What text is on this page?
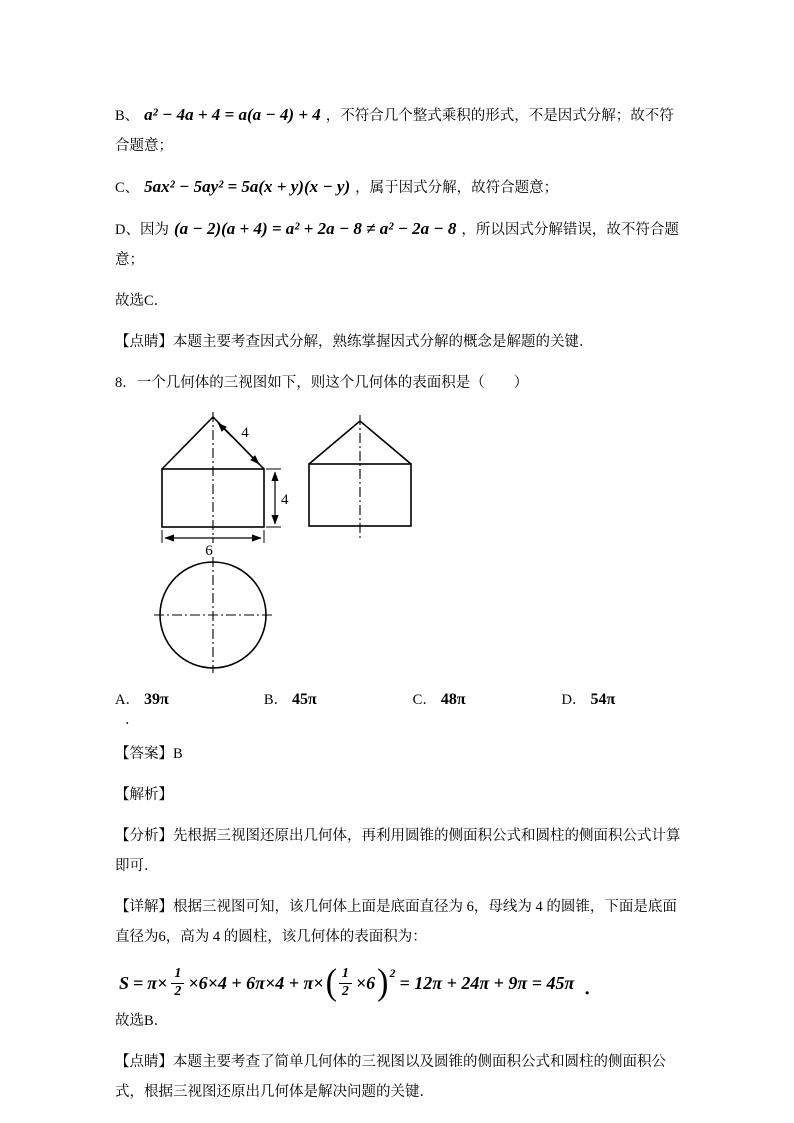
B、 a² − 4a + 4 = a(a − 4) + 4 ，不符合几个整式乘积的形式，不是因式分解；故不符合题意；

C、 5ax² − 5ay² = 5a(x + y)(x − y) ，属于因式分解，故符合题意；

D、因为 (a − 2)(a + 4) = a² + 2a − 8 ≠ a² − 2a − 8 ，所以因式分解错误，故不符合题意；

故选C．

【点睛】本题主要考查因式分解，熟练掌握因式分解的概念是解题的关键．

8．一个几何体的三视图如下，则这个几何体的表面积是（　　）

4
4
6
A． 39π	B． 45π	C． 48π	D． 54π

．

【答案】B

【解析】

【分析】先根据三视图还原出几何体，再利用圆锥的侧面积公式和圆柱的侧面积公式计算即可．

【详解】根据三视图可知，该几何体上面是底面直径为 6，母线为 4 的圆锥，下面是底面直径为6，高为 4 的圆柱，该几何体的表面积为：

$S = \pi\times \frac{1}{2} \times 6\times 4 + 6\pi\times 4 + \pi\times$ ( $\frac{1}{2} \times 6$ )$^2$ = 12π + 24π + 9π = 45π ．

故选B．

【点睛】本题主要考查了简单几何体的三视图以及圆锥的侧面积公式和圆柱的侧面积公式，根据三视图还原出几何体是解决问题的关键．
